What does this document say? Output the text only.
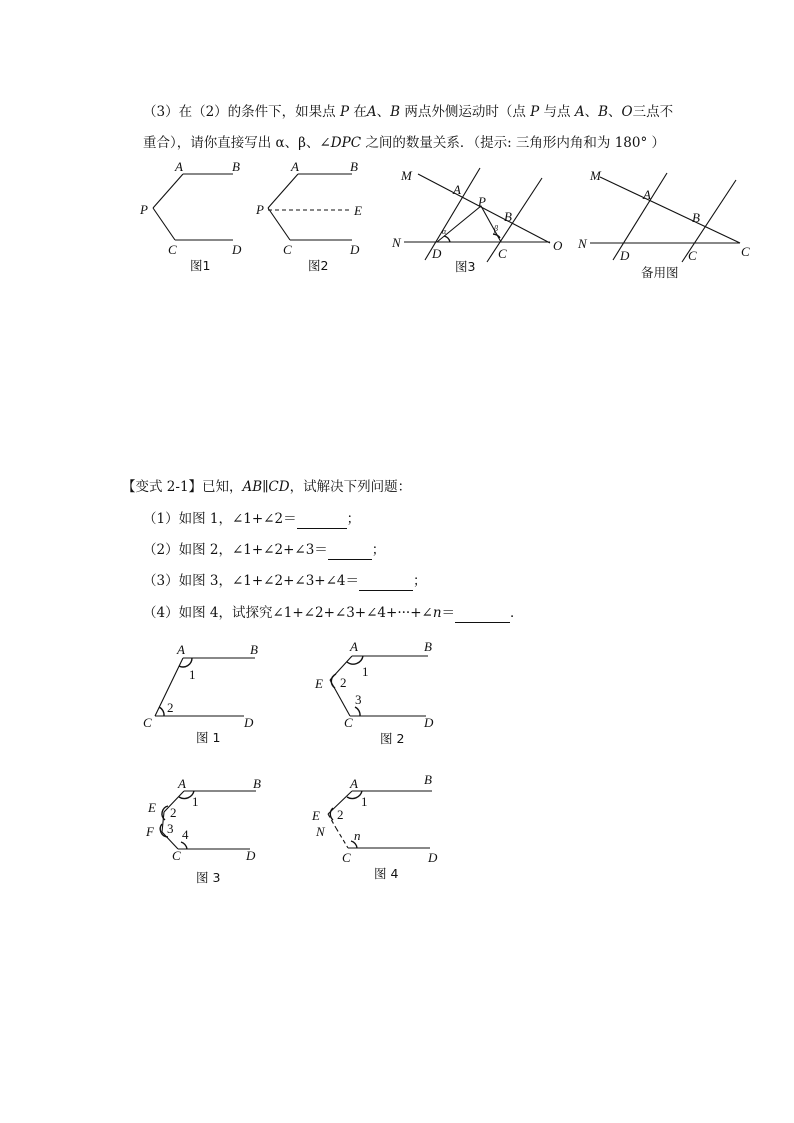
（3）在（2）的条件下，如果点 P 在A、B 两点外侧运动时（点 P 与点 A、B、O三点不
重合），请你直接写出 α、β、∠DPC 之间的数量关系．（提示: 三角形内角和为 180° ）
A	B
P
C	D
图1
A	B
P	E
C	D
图2
M
A
P
B
N
D	C
O
α	β
图3
M
A
B
N
D	C	C
备用图
【变式 2-1】已知，AB∥CD，试解决下列问题：
（1）如图 1，∠1+∠2＝	；
（2）如图 2，∠1+∠2+∠3＝	；
（3）如图 3，∠1+∠2+∠3+∠4＝	；
（4）如图 4，试探究∠1+∠2+∠3+∠4+···+∠n＝	．
A	B
C	D
1
2
图 1
A	B
E
C	D
1
2
3
图 2
A	B
E
F
C	D
1
2
3 4
图 3
A	B
E
N
C	D
1
2
n
图 4
